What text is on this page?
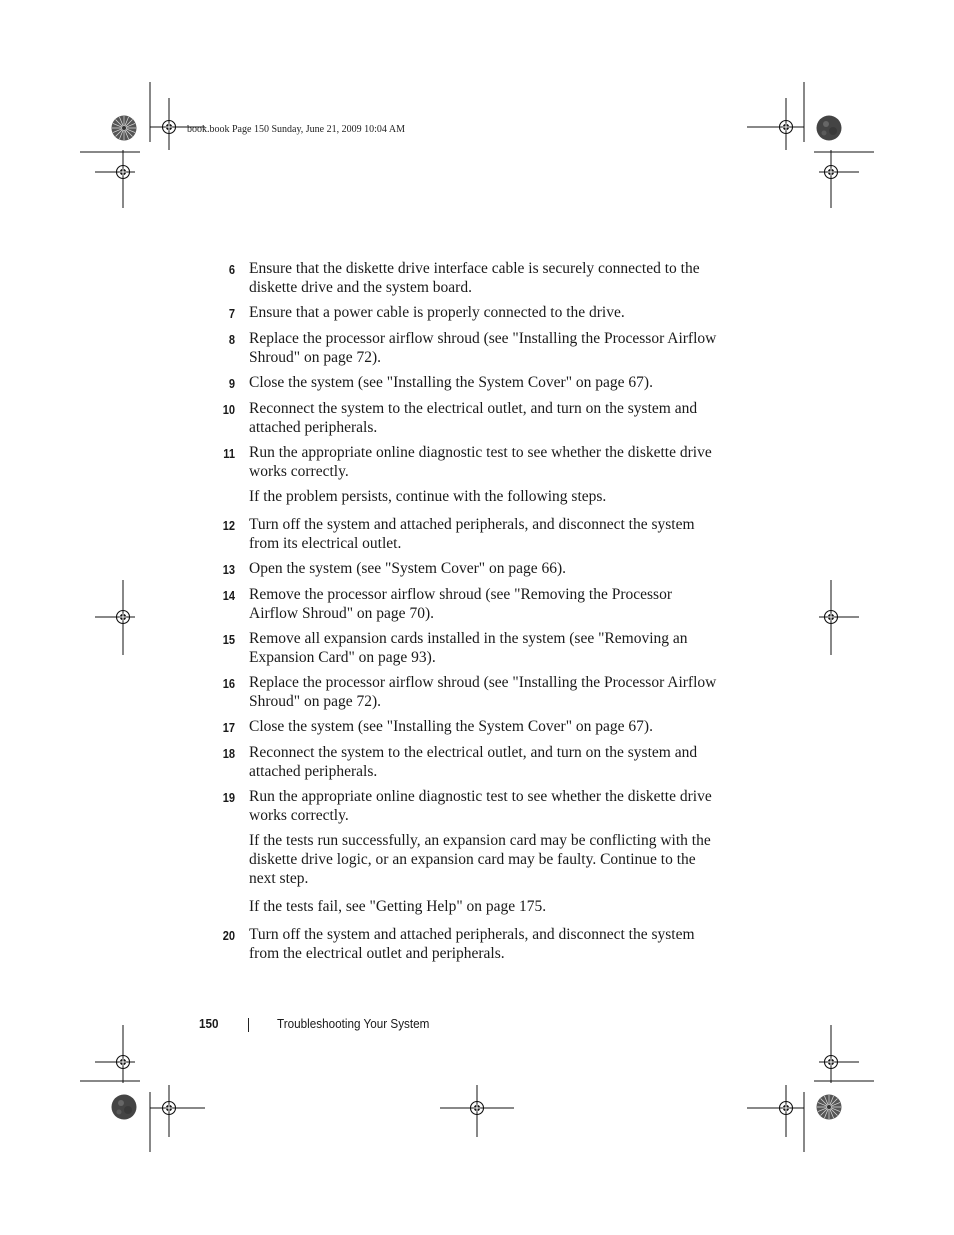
book.book Page 150 Sunday, June 21, 2009 10:04 AM
6 Ensure that the diskette drive interface cable is securely connected to the diskette drive and the system board.
7 Ensure that a power cable is properly connected to the drive.
8 Replace the processor airflow shroud (see "Installing the Processor Airflow Shroud" on page 72).
9 Close the system (see "Installing the System Cover" on page 67).
10 Reconnect the system to the electrical outlet, and turn on the system and attached peripherals.
11 Run the appropriate online diagnostic test to see whether the diskette drive works correctly.
If the problem persists, continue with the following steps.
12 Turn off the system and attached peripherals, and disconnect the system from its electrical outlet.
13 Open the system (see "System Cover" on page 66).
14 Remove the processor airflow shroud (see "Removing the Processor Airflow Shroud" on page 70).
15 Remove all expansion cards installed in the system (see "Removing an Expansion Card" on page 93).
16 Replace the processor airflow shroud (see "Installing the Processor Airflow Shroud" on page 72).
17 Close the system (see "Installing the System Cover" on page 67).
18 Reconnect the system to the electrical outlet, and turn on the system and attached peripherals.
19 Run the appropriate online diagnostic test to see whether the diskette drive works correctly.
If the tests run successfully, an expansion card may be conflicting with the diskette drive logic, or an expansion card may be faulty. Continue to the next step.
If the tests fail, see "Getting Help" on page 175.
20 Turn off the system and attached peripherals, and disconnect the system from the electrical outlet and peripherals.
150	Troubleshooting Your System
